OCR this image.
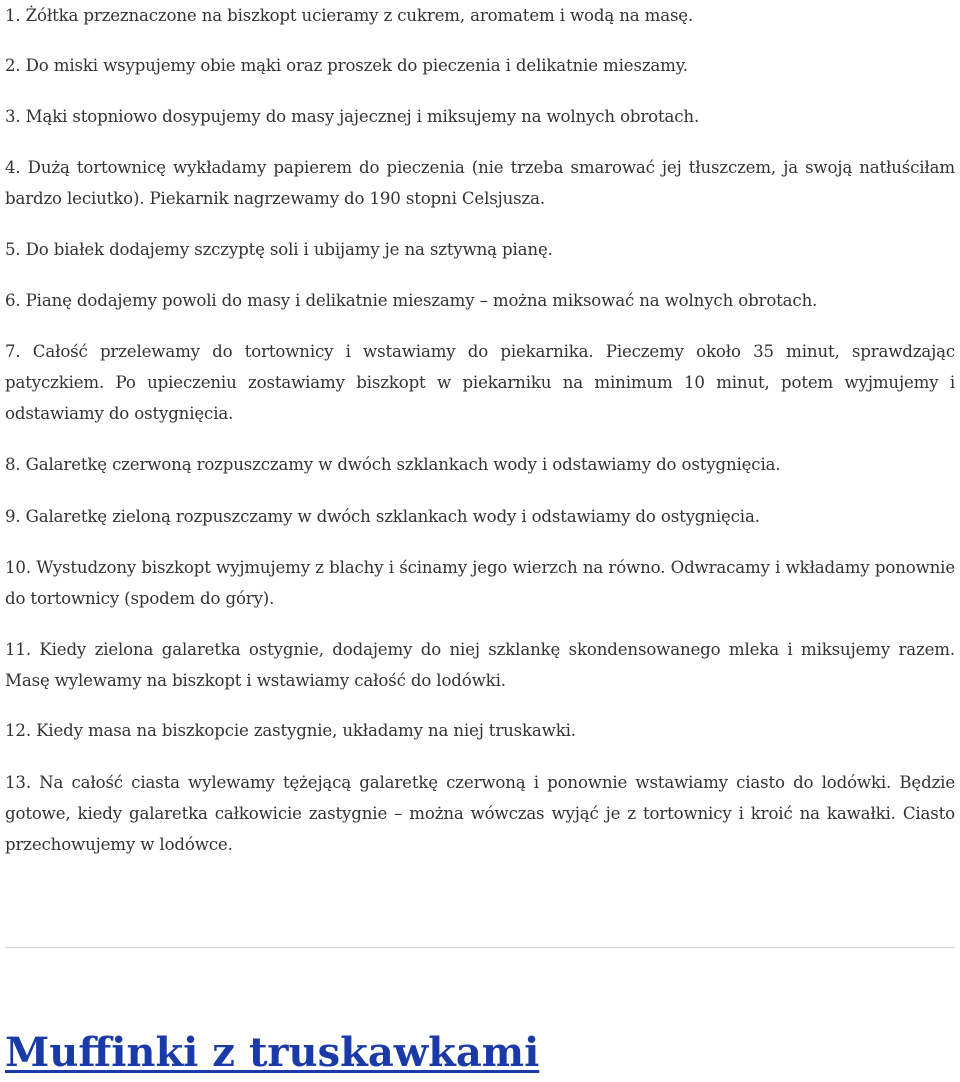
1. Żółtka przeznaczone na biszkopt ucieramy z cukrem, aromatem i wodą na masę.

2. Do miski wsypujemy obie mąki oraz proszek do pieczenia i delikatnie mieszamy.

3. Mąki stopniowo dosypujemy do masy jajecznej i miksujemy na wolnych obrotach.

4. Dużą tortownicę wykładamy papierem do pieczenia (nie trzeba smarować jej tłuszczem, ja swoją natłuściłam bardzo leciutko). Piekarnik nagrzewamy do 190 stopni Celsjusza.

5. Do białek dodajemy szczyptę soli i ubijamy je na sztywną pianę.

6. Pianę dodajemy powoli do masy i delikatnie mieszamy – można miksować na wolnych obrotach.

7. Całość przelewamy do tortownicy i wstawiamy do piekarnika. Pieczemy około 35 minut, sprawdzając patyczkiem. Po upieczeniu zostawiamy biszkopt w piekarniku na minimum 10 minut, potem wyjmujemy i odstawiamy do ostygnięcia.

8. Galaretkę czerwoną rozpuszczamy w dwóch szklankach wody i odstawiamy do ostygnięcia.

9. Galaretkę zieloną rozpuszczamy w dwóch szklankach wody i odstawiamy do ostygnięcia.

10. Wystudzony biszkopt wyjmujemy z blachy i ścinamy jego wierzch na równo. Odwracamy i wkładamy ponownie do tortownicy (spodem do góry).

11. Kiedy zielona galaretka ostygnie, dodajemy do niej szklankę skondensowanego mleka i miksujemy razem. Masę wylewamy na biszkopt i wstawiamy całość do lodówki.

12. Kiedy masa na biszkopcie zastygnie, układamy na niej truskawki.

13. Na całość ciasta wylewamy tężejącą galaretkę czerwoną i ponownie wstawiamy ciasto do lodówki. Będzie gotowe, kiedy galaretka całkowicie zastygnie – można wówczas wyjąć je z tortownicy i kroić na kawałki. Ciasto przechowujemy w lodówce.

Muffinki z truskawkami
